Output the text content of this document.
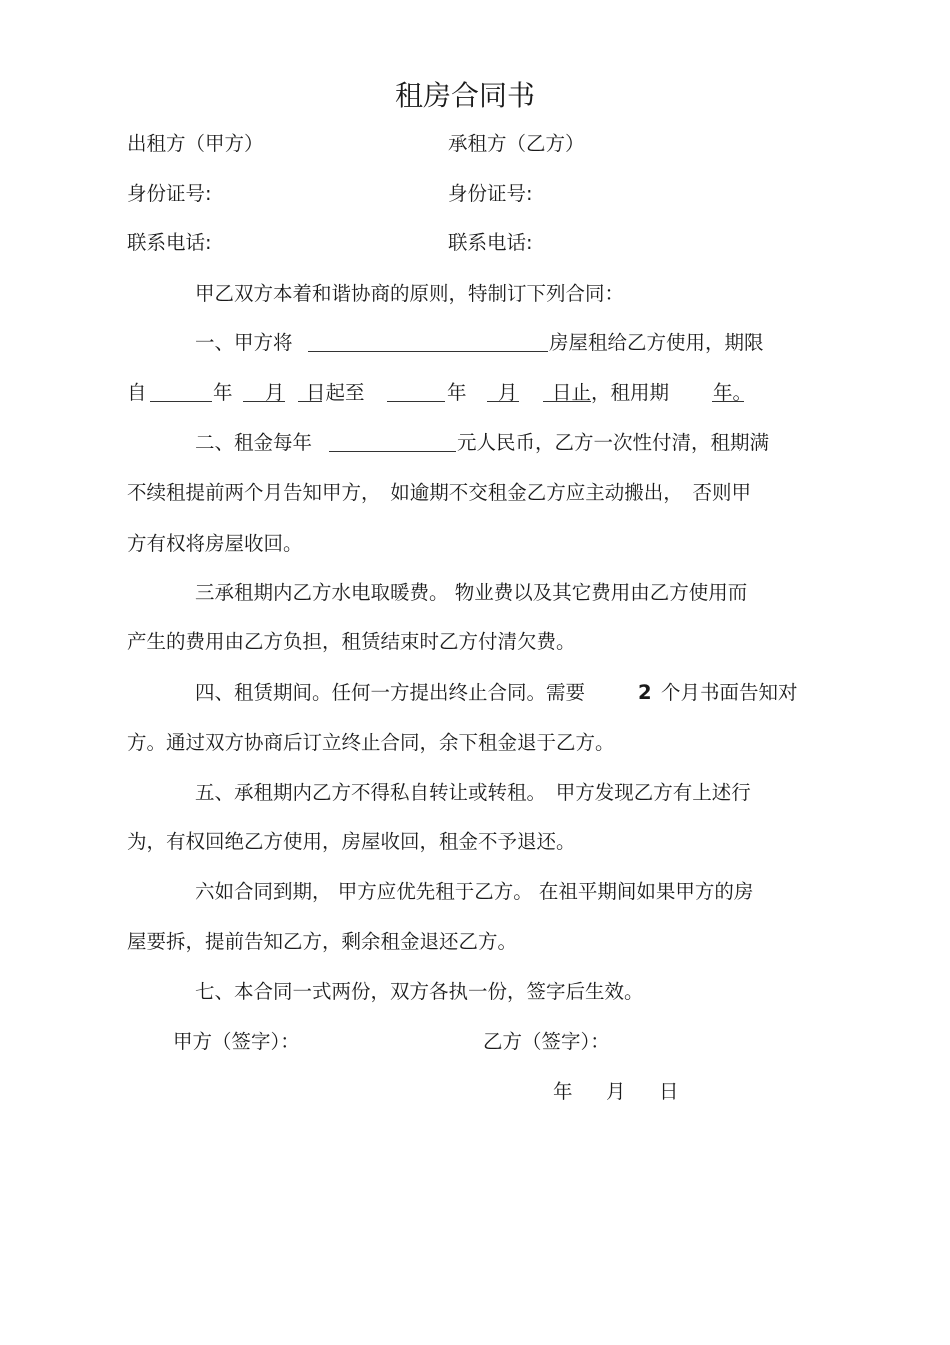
租房合同书
出租方（甲方）	承租方（乙方）
身份证号:	身份证号:
联系电话:	联系电话:
甲乙双方本着和谐协商的原则，特制订下列合同：
一、甲方将	房屋租给乙方使用，期限
自	年 月 日起至	年 月 日止，租用期 年。
二、租金每年	元人民币，乙方一次性付清，租期满
不续租提前两个月告知甲方，　如逾期不交租金乙方应主动搬出，　否则甲
方有权将房屋收回。
三承租期内乙方水电取暖费。 物业费以及其它费用由乙方使用而
产生的费用由乙方负担，租赁结束时乙方付清欠费。
四、租赁期间。任何一方提出终止合同。需要	2 个月书面告知对
方。通过双方协商后订立终止合同，余下租金退于乙方。
五、承租期内乙方不得私自转让或转租。　甲方发现乙方有上述行
为，有权回绝乙方使用，房屋收回，租金不予退还。
六如合同到期， 甲方应优先租于乙方。 在祖平期间如果甲方的房
屋要拆，提前告知乙方，剩余租金退还乙方。
七、本合同一式两份，双方各执一份，签字后生效。
甲方（签字）：	乙方（签字）：
年 月 日
